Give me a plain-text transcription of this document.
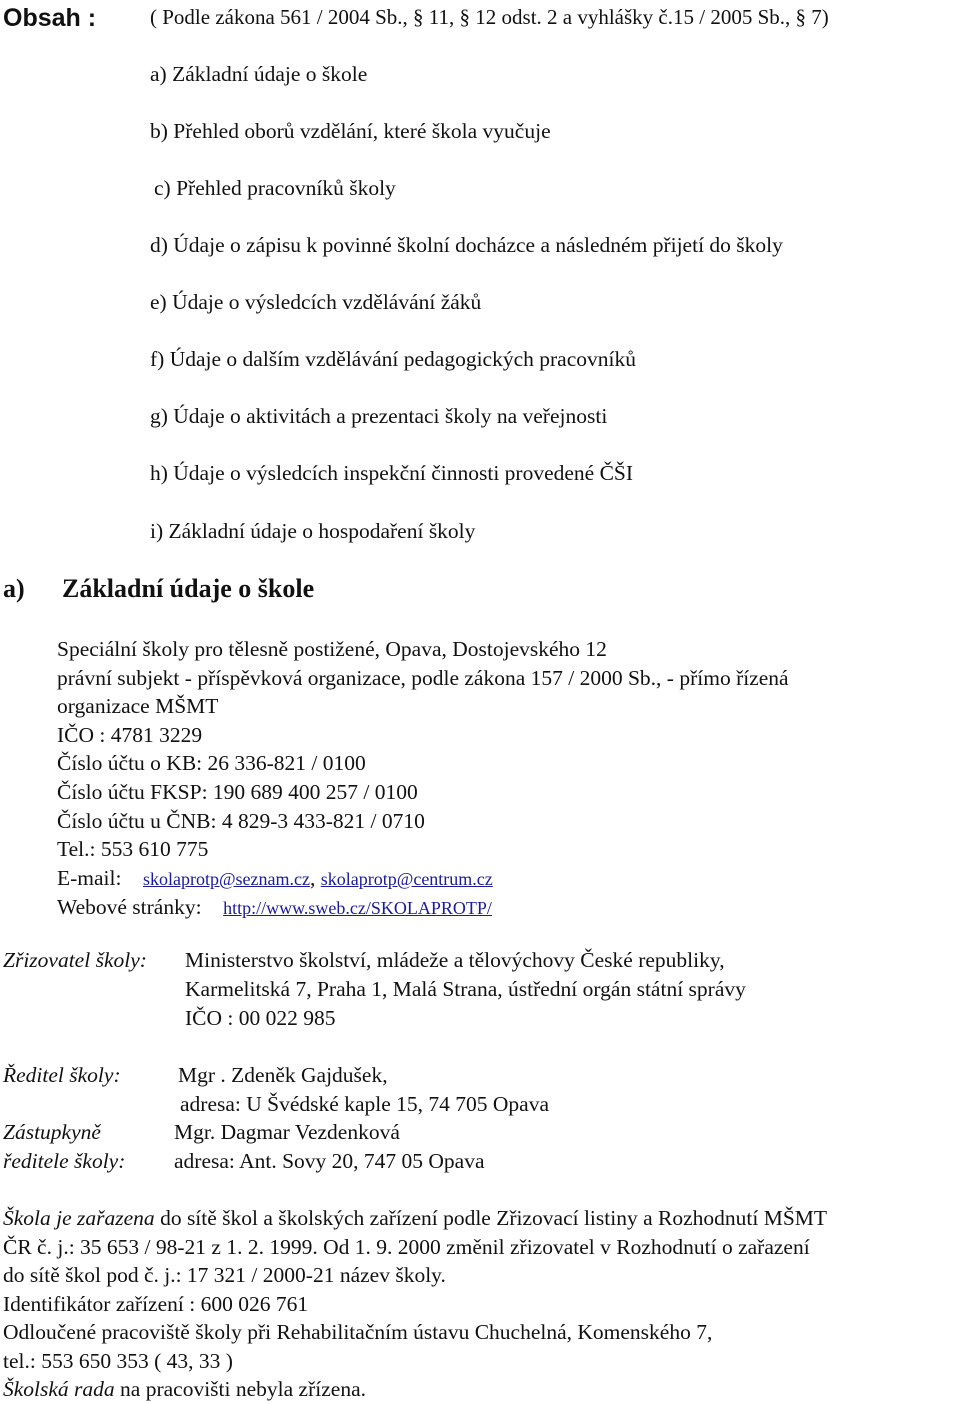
Obsah :	( Podle zákona 561 / 2004 Sb., § 11, § 12 odst. 2 a vyhlášky č.15 / 2005 Sb., § 7)
a) Základní údaje o škole
b) Přehled oborů vzdělání, které škola vyučuje
c) Přehled pracovníků školy
d) Údaje o zápisu k povinné školní docházce a následném přijetí do školy
e) Údaje o výsledcích vzdělávání žáků
f) Údaje o dalším vzdělávání pedagogických pracovníků
g) Údaje o aktivitách a prezentaci školy na veřejnosti
h) Údaje o výsledcích inspekční činnosti provedené ČŠI
i) Základní údaje o hospodaření školy
a) Základní údaje o škole
Speciální školy pro tělesně postižené, Opava, Dostojevského 12
právní subjekt - příspěvková organizace, podle zákona 157 / 2000 Sb., - přímo řízená
organizace MŠMT
IČO : 4781 3229
Číslo účtu o KB: 26 336-821 / 0100
Číslo účtu FKSP: 190 689 400 257 / 0100
Číslo účtu u ČNB: 4 829-3 433-821 / 0710
Tel.: 553 610 775
E-mail: skolaprotp@seznam.cz, skolaprotp@centrum.cz
Webové stránky: http://www.sweb.cz/SKOLAPROTP/
Zřizovatel školy: Ministerstvo školství, mládeže a tělovýchovy České republiky,
Karmelitská 7, Praha 1, Malá Strana, ústřední orgán státní správy
IČO : 00 022 985
Ředitel školy:	Mgr . Zdeněk Gajdušek,
adresa: U Švédské kaple 15, 74 705 Opava
Zástupkyně	Mgr. Dagmar Vezdenková
ředitele školy: adresa: Ant. Sovy 20, 747 05 Opava
Škola je zařazena do sítě škol a školských zařízení podle Zřizovací listiny a Rozhodnutí MŠMT
ČR č. j.: 35 653 / 98-21 z 1. 2. 1999. Od 1. 9. 2000 změnil zřizovatel v Rozhodnutí o zařazení
do sítě škol pod č. j.: 17 321 / 2000-21 název školy.
Identifikátor zařízení : 600 026 761
Odloučené pracoviště školy při Rehabilitačním ústavu Chuchelná, Komenského 7,
tel.: 553 650 353 ( 43, 33 )
Školská rada na pracovišti nebyla zřízena.
